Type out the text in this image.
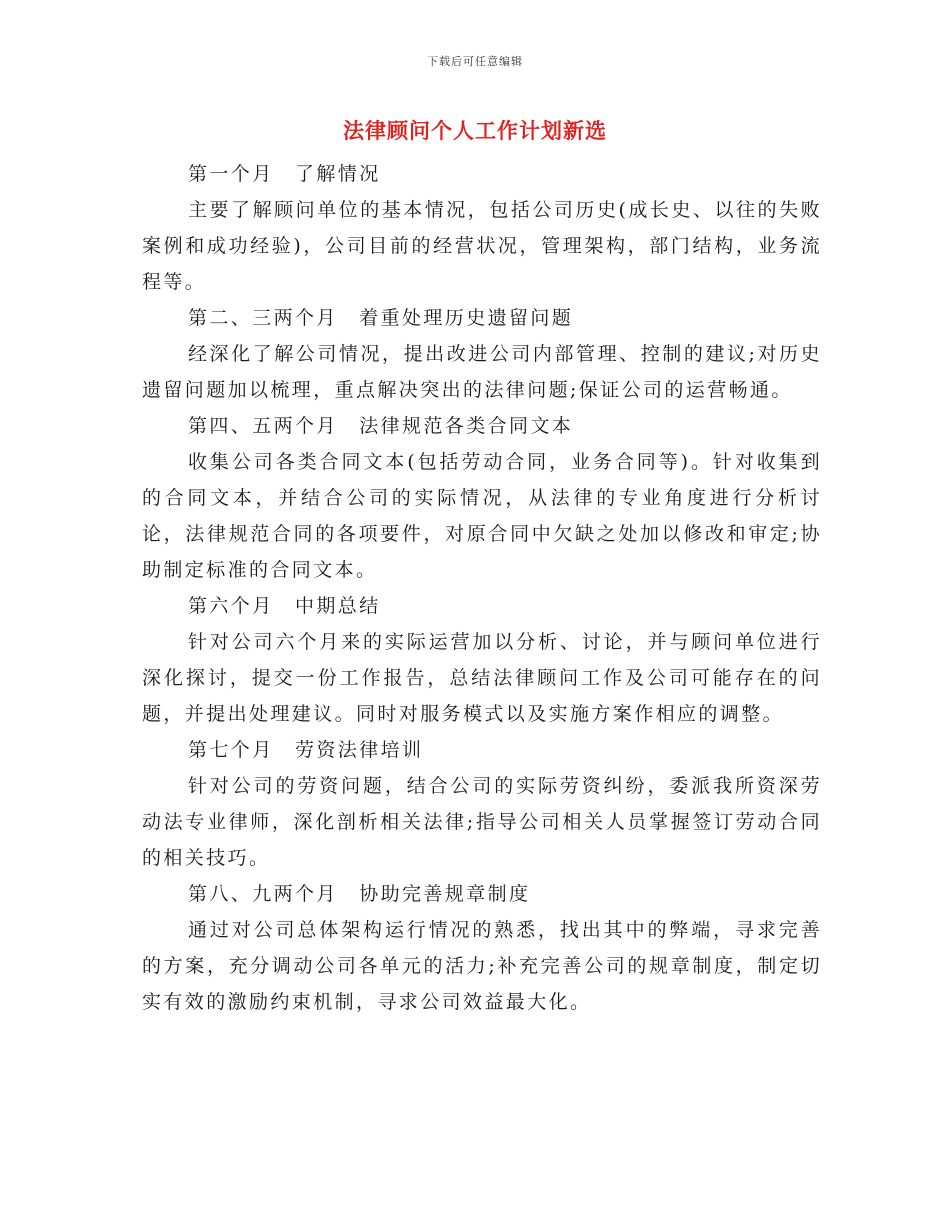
下载后可任意编辑
法律顾问个人工作计划新选

第一个月　了解情况

主要了解顾问单位的基本情况，包括公司历史(成长史、以往的失败案例和成功经验)，公司目前的经营状况，管理架构，部门结构，业务流程等。

第二、三两个月　着重处理历史遗留问题

经深化了解公司情况，提出改进公司内部管理、控制的建议;对历史遗留问题加以梳理，重点解决突出的法律问题;保证公司的运营畅通。

第四、五两个月　法律规范各类合同文本

收集公司各类合同文本(包括劳动合同，业务合同等)。针对收集到的合同文本，并结合公司的实际情况，从法律的专业角度进行分析讨论，法律规范合同的各项要件，对原合同中欠缺之处加以修改和审定;协助制定标准的合同文本。

第六个月　中期总结

针对公司六个月来的实际运营加以分析、讨论，并与顾问单位进行深化探讨，提交一份工作报告，总结法律顾问工作及公司可能存在的问题，并提出处理建议。同时对服务模式以及实施方案作相应的调整。

第七个月　劳资法律培训

针对公司的劳资问题，结合公司的实际劳资纠纷，委派我所资深劳动法专业律师，深化剖析相关法律;指导公司相关人员掌握签订劳动合同的相关技巧。

第八、九两个月　协助完善规章制度

通过对公司总体架构运行情况的熟悉，找出其中的弊端，寻求完善的方案，充分调动公司各单元的活力;补充完善公司的规章制度，制定切实有效的激励约束机制，寻求公司效益最大化。
